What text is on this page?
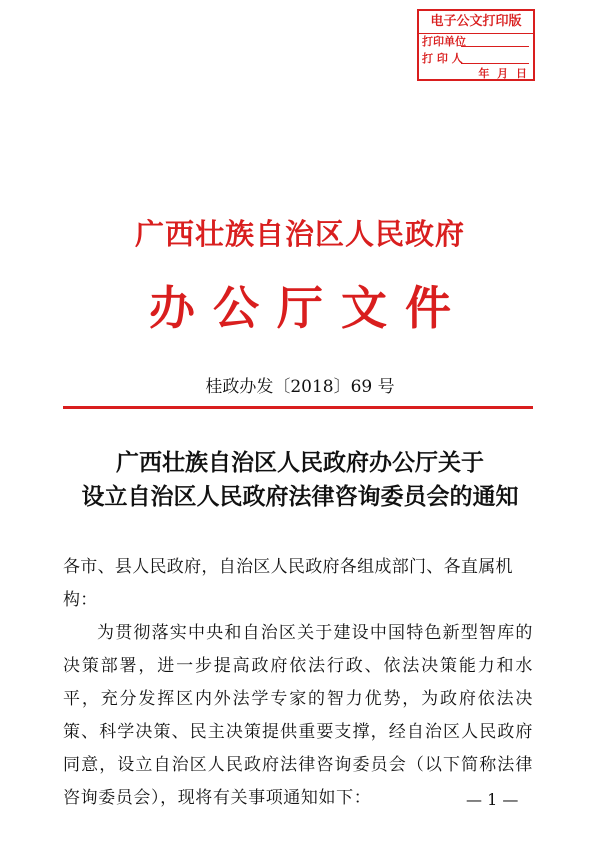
电子公文打印版
打印单位
打 印 人
年 月 日
广西壮族自治区人民政府
办公厅文件
桂政办发〔2018〕69 号
广西壮族自治区人民政府办公厅关于
设立自治区人民政府法律咨询委员会的通知

各市、县人民政府，自治区人民政府各组成部门、各直属机构：

为贯彻落实中央和自治区关于建设中国特色新型智库的决策部署，进一步提高政府依法行政、依法决策能力和水平，充分发挥区内外法学专家的智力优势，为政府依法决策、科学决策、民主决策提供重要支撑，经自治区人民政府同意，设立自治区人民政府法律咨询委员会（以下简称法律咨询委员会），现将有关事项通知如下：	— 1 —
